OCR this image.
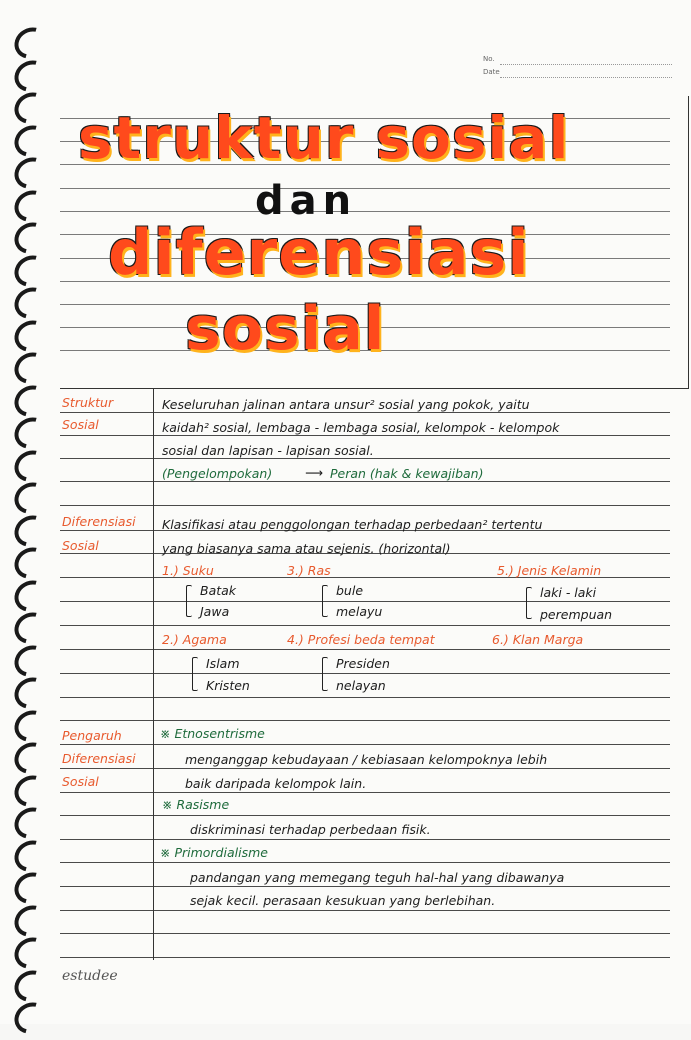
No.
Date
struktur sosial
dan
diferensiasi
sosial
Struktur
Sosial
Keseluruhan jalinan antara unsur² sosial yang pokok, yaitu
kaidah² sosial, lembaga - lembaga sosial, kelompok - kelompok
sosial dan lapisan - lapisan sosial.
(Pengelompokan)	⟶ Peran (hak & kewajiban)
Diferensiasi
Sosial
Klasifikasi atau penggolongan terhadap perbedaan² tertentu
yang biasanya sama atau sejenis. (horizontal)
1.) Suku
Batak
Jawa
3.) Ras
bule
melayu
5.) Jenis Kelamin
laki - laki
perempuan
2.) Agama
Islam
Kristen
4.) Profesi beda tempat
Presiden
nelayan
6.) Klan Marga
Pengaruh
Diferensiasi
Sosial
※ Etnosentrisme
menganggap kebudayaan / kebiasaan kelompoknya lebih
baik daripada kelompok lain.
※ Rasisme
diskriminasi terhadap perbedaan fisik.
※ Primordialisme
pandangan yang memegang teguh hal-hal yang dibawanya
sejak kecil. perasaan kesukuan yang berlebihan.
estudee
